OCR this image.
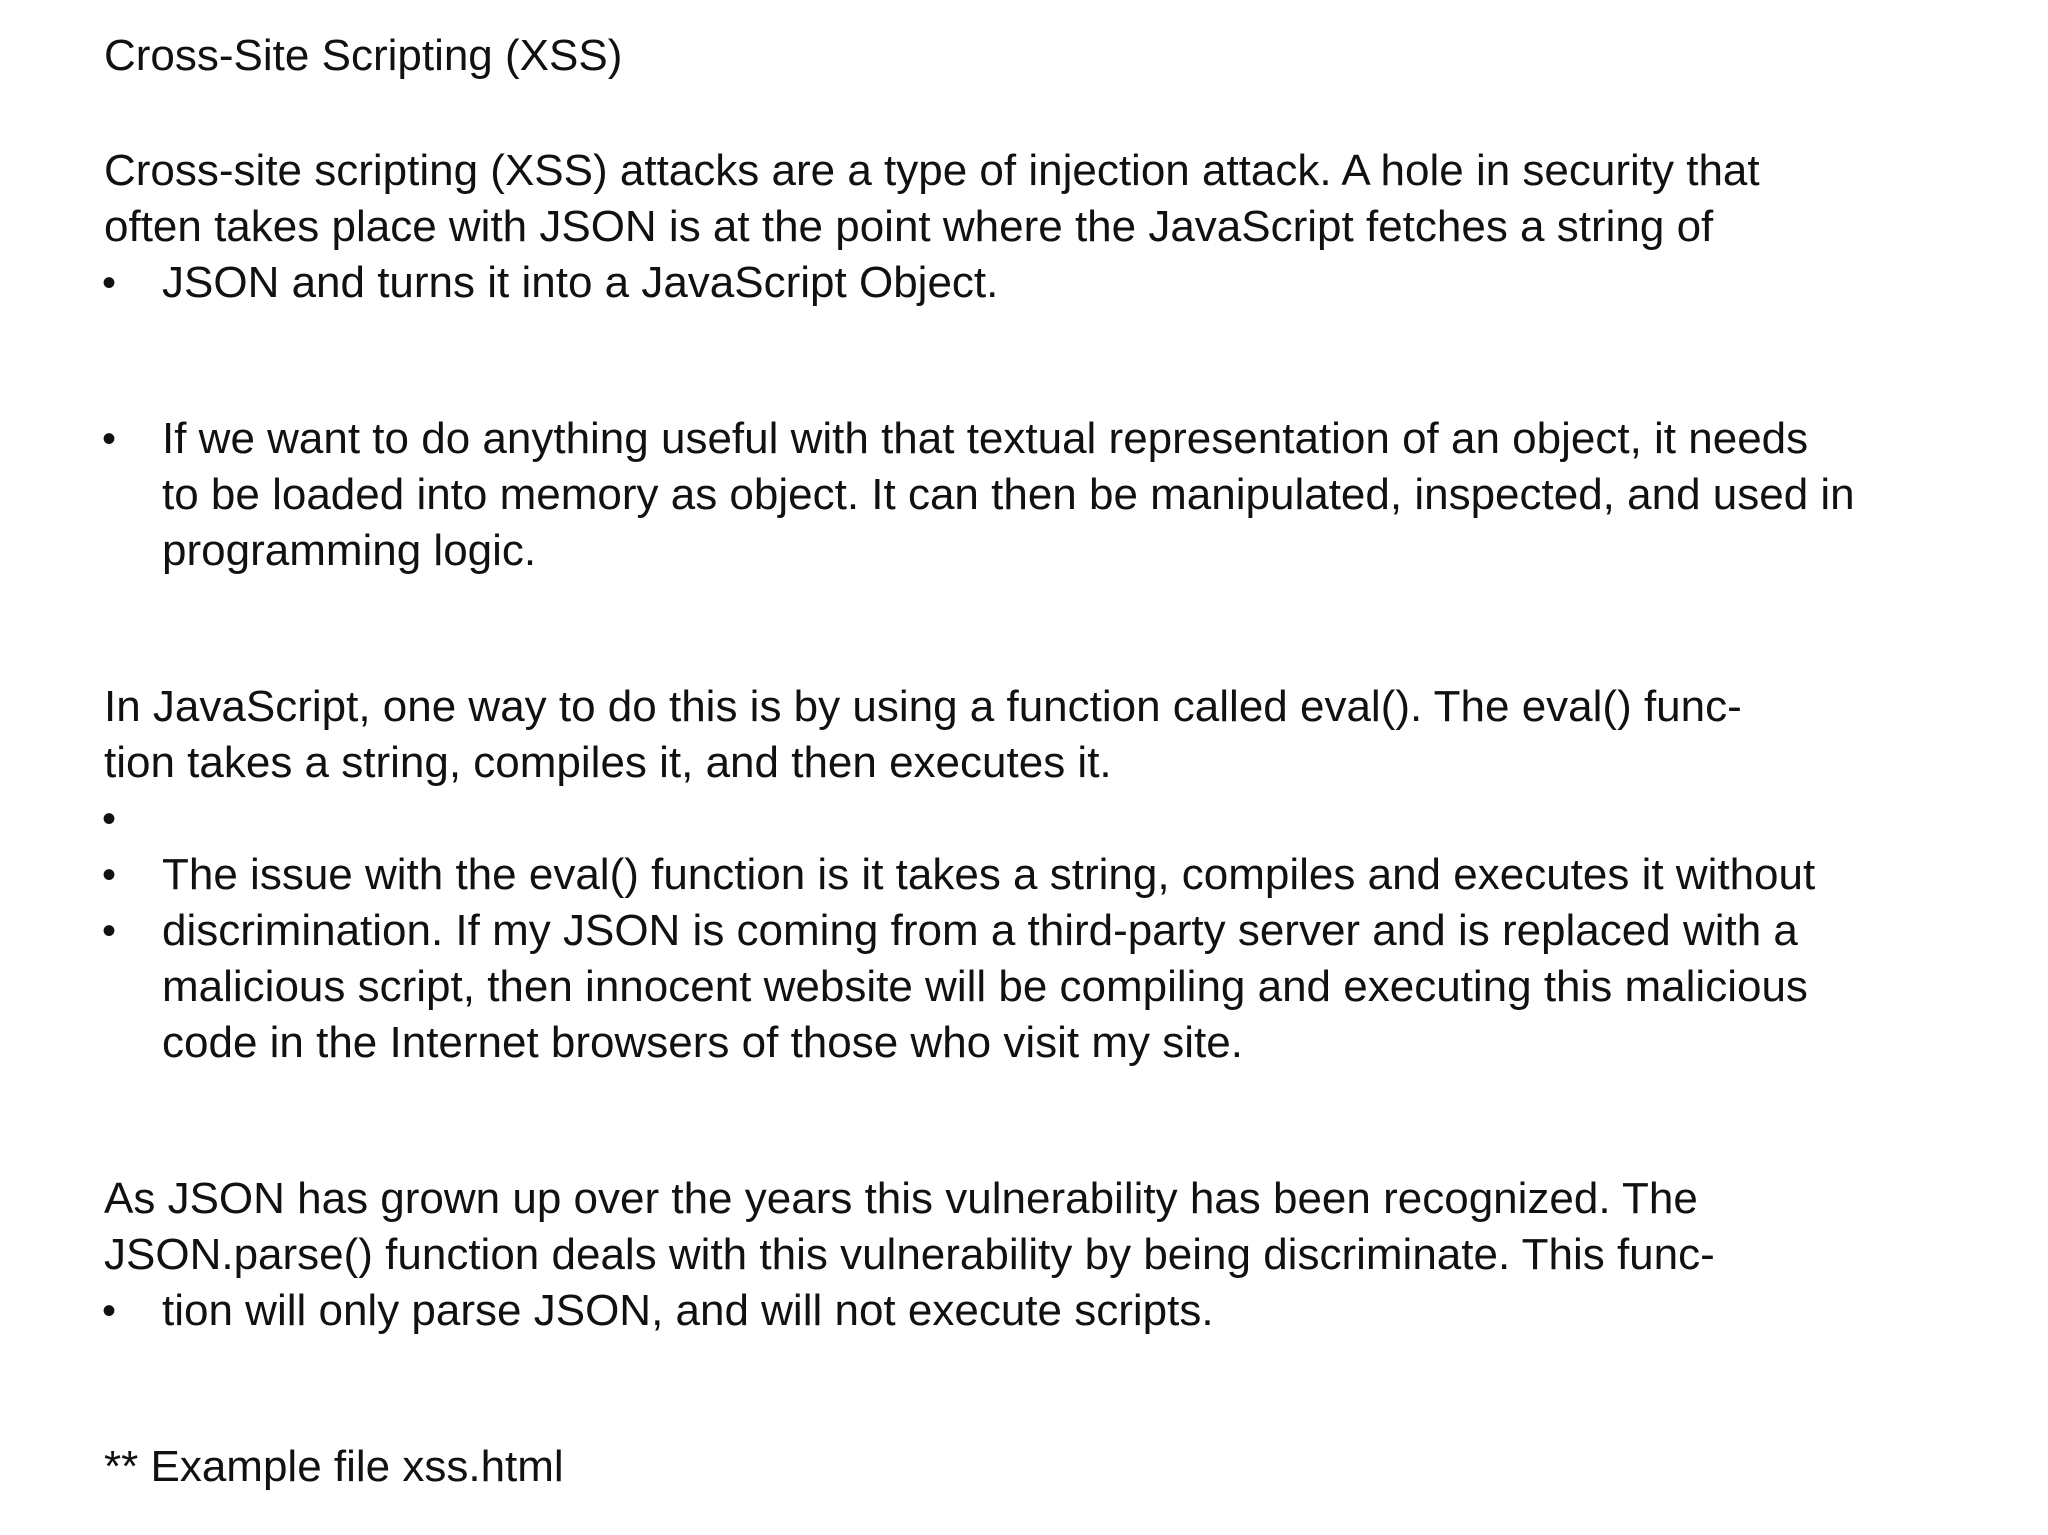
Cross-Site Scripting (XSS)

Cross-site scripting (XSS) attacks are a type of injection attack. A hole in security that

often takes place with JSON is at the point where the JavaScript fetches a string of

• JSON and turns it into a JavaScript Object.

• If we want to do anything useful with that textual representation of an object, it needs

to be loaded into memory as object. It can then be manipulated, inspected, and used in

programming logic.

In JavaScript, one way to do this is by using a function called eval(). The eval() func-

tion takes a string, compiles it, and then executes it.

•
• The issue with the eval() function is it takes a string, compiles and executes it without

• discrimination. If my JSON is coming from a third-party server and is replaced with a

malicious script, then innocent website will be compiling and executing this malicious

code in the Internet browsers of those who visit my site.

As JSON has grown up over the years this vulnerability has been recognized. The

JSON.parse() function deals with this vulnerability by being discriminate. This func-

• tion will only parse JSON, and will not execute scripts.

** Example file xss.html
